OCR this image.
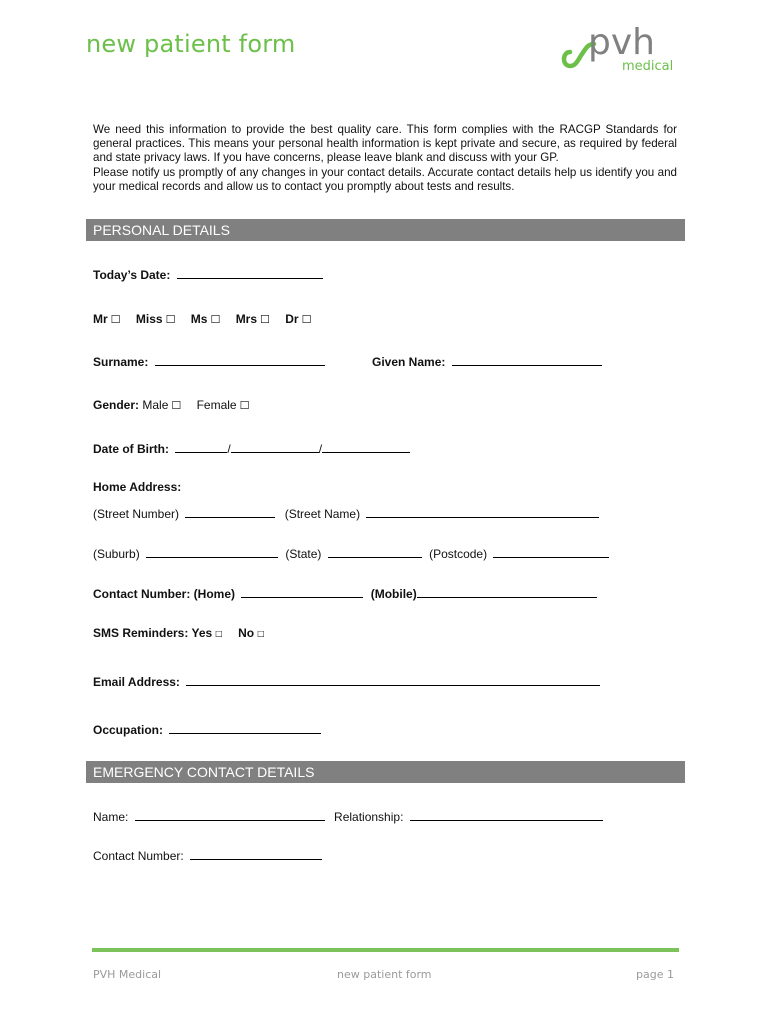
new patient form	pvh
medical

We need this information to provide the best quality care. This form complies with the RACGP Standards for general practices. This means your personal health information is kept private and secure, as required by federal and state privacy laws. If you have concerns, please leave blank and discuss with your GP.

Please notify us promptly of any changes in your contact details. Accurate contact details help us identify you and your medical records and allow us to contact you promptly about tests and results.

PERSONAL DETAILS
Today’s Date:
Mr ☐ Miss ☐ Ms ☐ Mrs ☐ Dr ☐
Surname:	Given Name:
Gender: Male ☐ Female ☐
Date of Birth:	/	/
Home Address:
(Street Number)	(Street Name)
(Suburb)	(State)	(Postcode)
Contact Number: (Home)	(Mobile)
SMS Reminders: Yes □ No □
Email Address:
Occupation:
EMERGENCY CONTACT DETAILS
Name:	Relationship:
Contact Number:
PVH Medical	new patient form	page 1
